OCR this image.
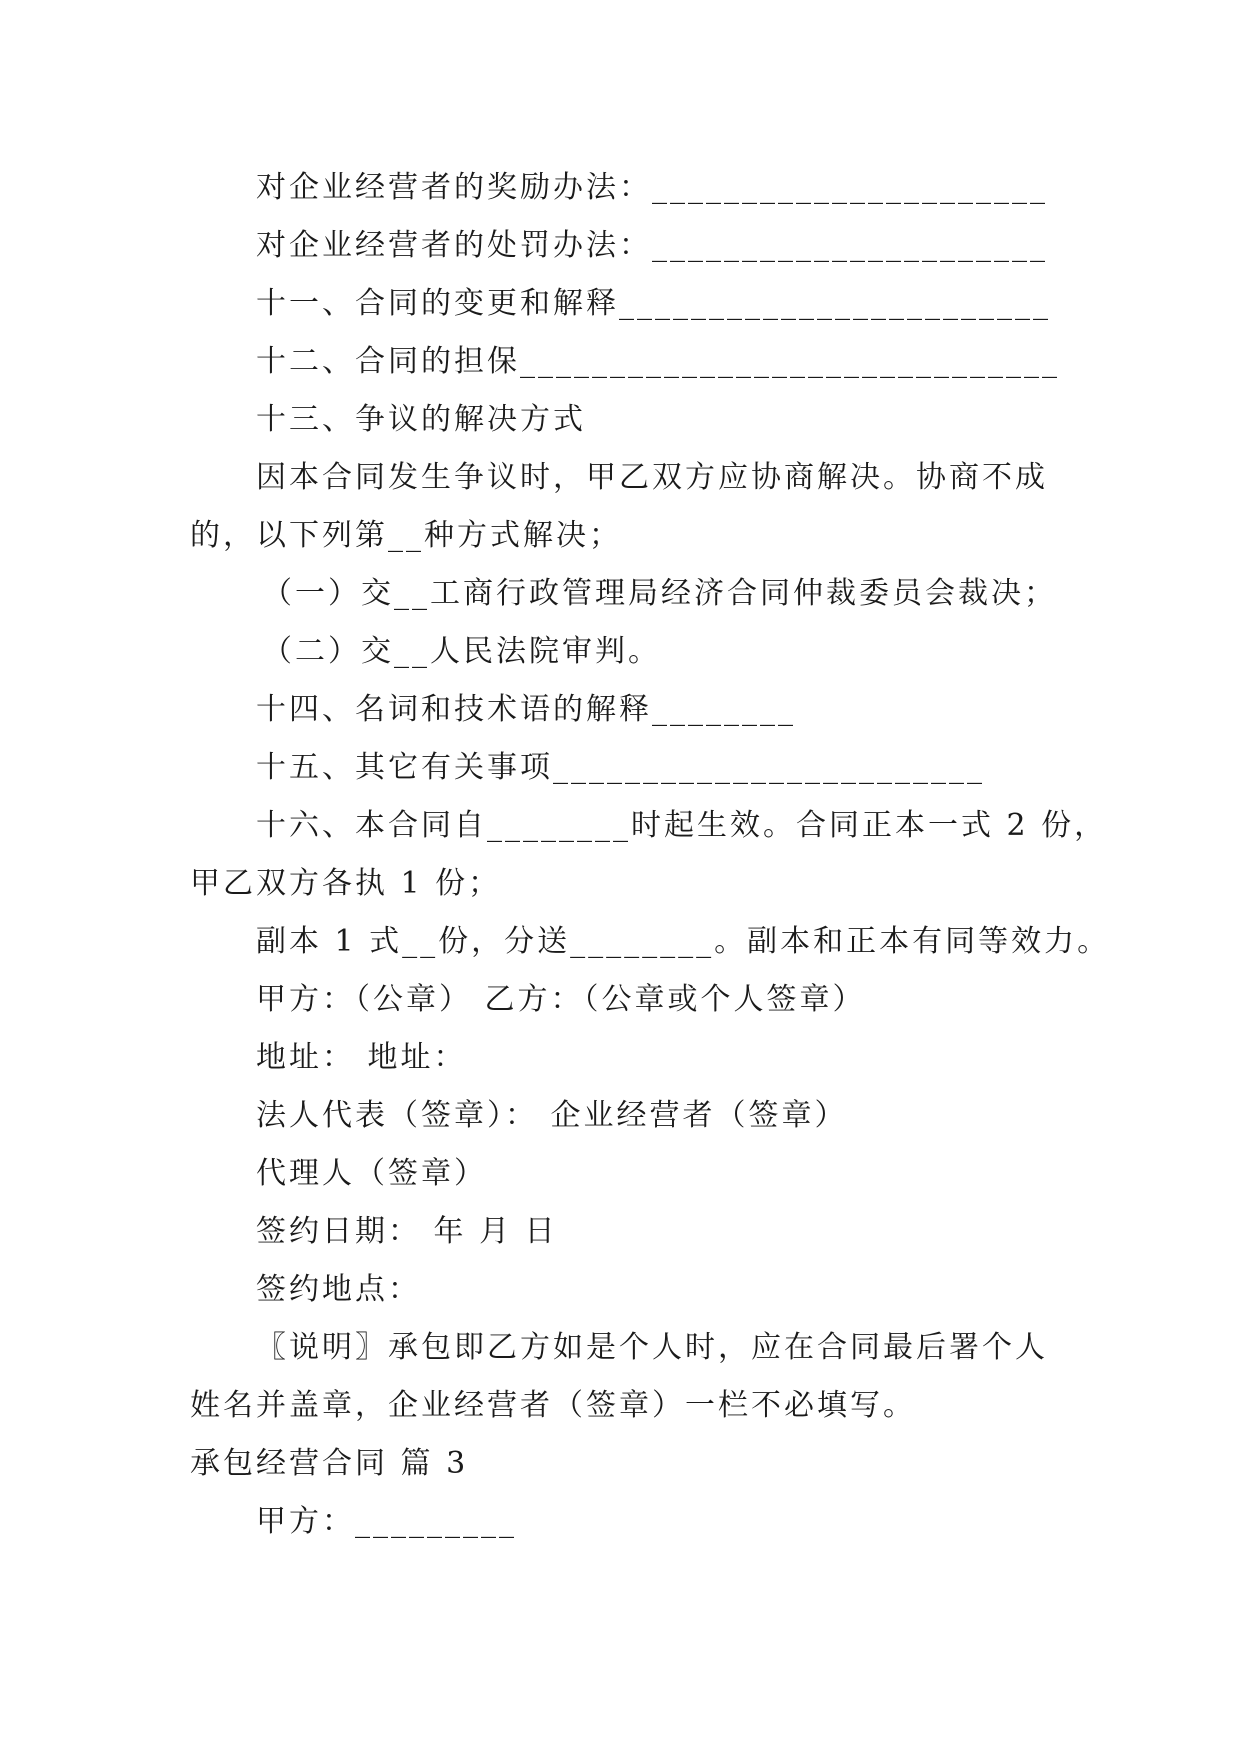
对企业经营者的奖励办法：______________________
对企业经营者的处罚办法：______________________
十一、合同的变更和解释________________________
十二、合同的担保______________________________
十三、争议的解决方式
因本合同发生争议时，甲乙双方应协商解决。协商不成
的，以下列第__种方式解决；
（一）交__工商行政管理局经济合同仲裁委员会裁决；
（二）交__人民法院审判。
十四、名词和技术语的解释________
十五、其它有关事项________________________
十六、本合同自________时起生效。合同正本一式 2 份，
甲乙双方各执 1 份；
副本 1 式__份，分送________。副本和正本有同等效力。
甲方：（公章） 乙方：（公章或个人签章）
地址： 地址：
法人代表（签章）： 企业经营者（签章）
代理人（签章）
签约日期： 年 月 日
签约地点：
〖说明〗承包即乙方如是个人时，应在合同最后署个人
姓名并盖章，企业经营者（签章）一栏不必填写。
承包经营合同 篇 3
甲方：_________
